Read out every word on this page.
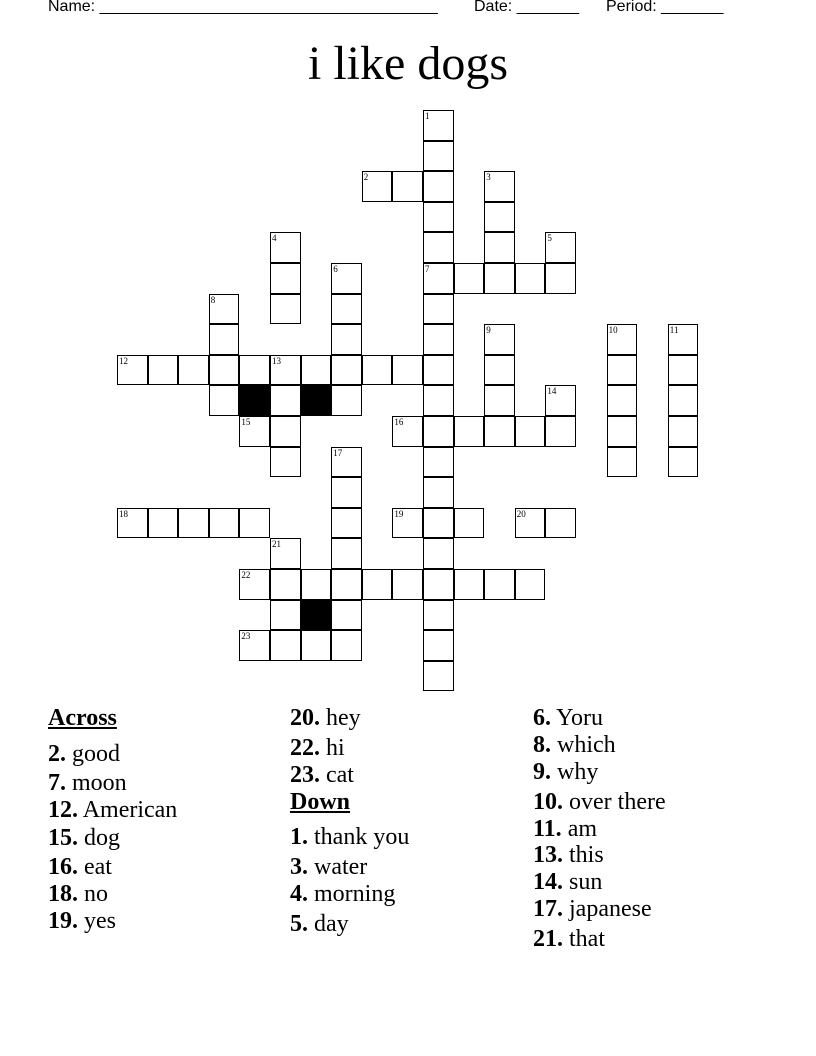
Name: ______________________________________ Date: _______ Period: _______
i like dogs
1
2	3
4	5
6	7
8
9	10	11
12	13
14
15	16
17
18	19	20
21
22
23
Across
2. good
7. moon
12. American
15. dog
16. eat
18. no
19. yes
20. hey
22. hi
23. cat
Down
1. thank you
3. water
4. morning
5. day
6. Yoru
8. which
9. why
10. over there
11. am
13. this
14. sun
17. japanese
21. that
